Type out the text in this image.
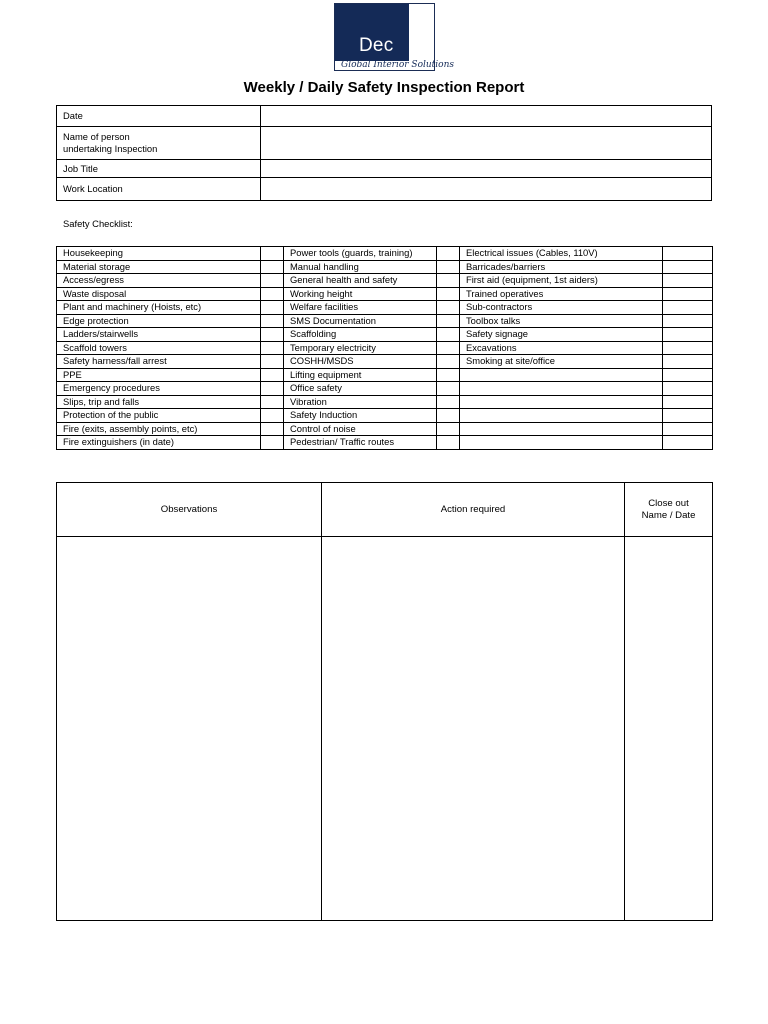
Deco
Global Interior Solutions
Weekly / Daily Safety Inspection Report
Date	
Name of person
undertaking Inspection	
Job Title	
Work Location	
Safety Checklist:
Housekeeping		Power tools (guards, training)		Electrical issues (Cables, 110V)	
Material storage		Manual handling		Barricades/barriers	
Access/egress		General health and safety		First aid (equipment, 1st aiders)	
Waste disposal		Working height		Trained operatives	
Plant and machinery (Hoists, etc)		Welfare facilities		Sub-contractors	
Edge protection		SMS Documentation		Toolbox talks	
Ladders/stairwells		Scaffolding		Safety signage	
Scaffold towers		Temporary electricity		Excavations	
Safety harness/fall arrest		COSHH/MSDS		Smoking at site/office	
PPE		Lifting equipment			
Emergency procedures		Office safety			
Slips, trip and falls		Vibration			
Protection of the public		Safety Induction			
Fire (exits, assembly points, etc)		Control of noise			
Fire extinguishers (in date)		Pedestrian/ Traffic routes			
Observations	Action required	Close out
Name / Date
